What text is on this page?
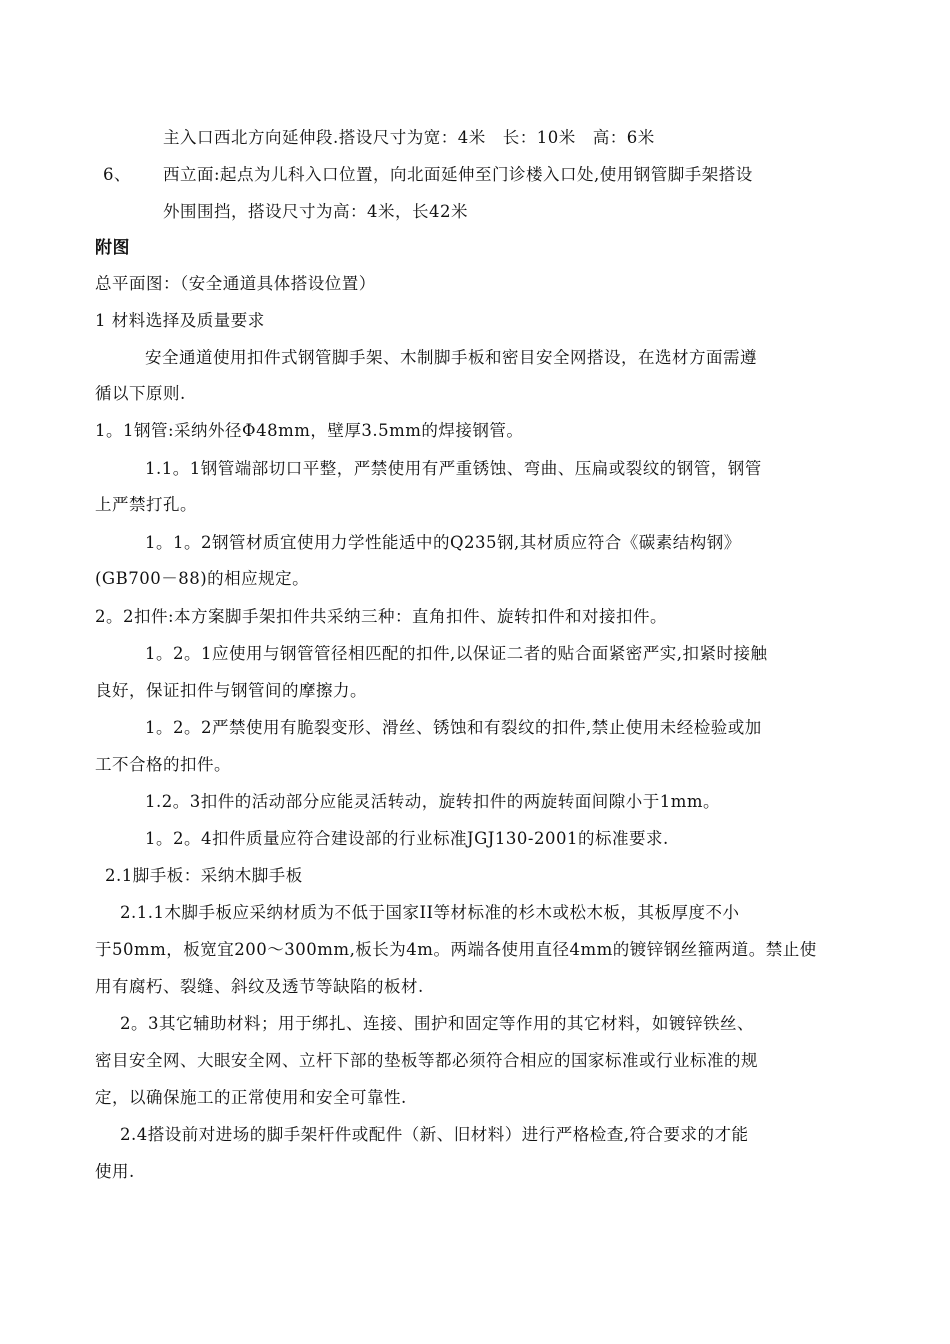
主入口西北方向延伸段.搭设尺寸为宽：4米　长：10米　高：6米
6、 西立面:起点为儿科入口位置，向北面延伸至门诊楼入口处,使用钢管脚手架搭设
外围围挡，搭设尺寸为高：4米，长42米
附图
总平面图：（安全通道具体搭设位置）
1 材料选择及质量要求
安全通道使用扣件式钢管脚手架、木制脚手板和密目安全网搭设，在选材方面需遵
循以下原则.
1。1钢管:采纳外径Φ48mm，壁厚3.5mm的焊接钢管。
1.1。1钢管端部切口平整，严禁使用有严重锈蚀、弯曲、压扁或裂纹的钢管，钢管
上严禁打孔。
1。1。2钢管材质宜使用力学性能适中的Q235钢,其材质应符合《碳素结构钢》
(GB700－88)的相应规定。
2。2扣件:本方案脚手架扣件共采纳三种：直角扣件、旋转扣件和对接扣件。
1。2。1应使用与钢管管径相匹配的扣件,以保证二者的贴合面紧密严实,扣紧时接触
良好，保证扣件与钢管间的摩擦力。
1。2。2严禁使用有脆裂变形、滑丝、锈蚀和有裂纹的扣件,禁止使用未经检验或加
工不合格的扣件。
1.2。3扣件的活动部分应能灵活转动，旋转扣件的两旋转面间隙小于1mm。
1。2。4扣件质量应符合建设部的行业标准JGJ130-2001的标准要求.
2.1脚手板：采纳木脚手板
2.1.1木脚手板应采纳材质为不低于国家II等材标准的杉木或松木板，其板厚度不小
于50mm，板宽宜200～300mm,板长为4m。两端各使用直径4mm的镀锌钢丝箍两道。禁止使
用有腐朽、裂缝、斜纹及透节等缺陷的板材.
2。3其它辅助材料；用于绑扎、连接、围护和固定等作用的其它材料，如镀锌铁丝、
密目安全网、大眼安全网、立杆下部的垫板等都必须符合相应的国家标准或行业标准的规
定，以确保施工的正常使用和安全可靠性.
2.4搭设前对进场的脚手架杆件或配件（新、旧材料）进行严格检查,符合要求的才能
使用.
